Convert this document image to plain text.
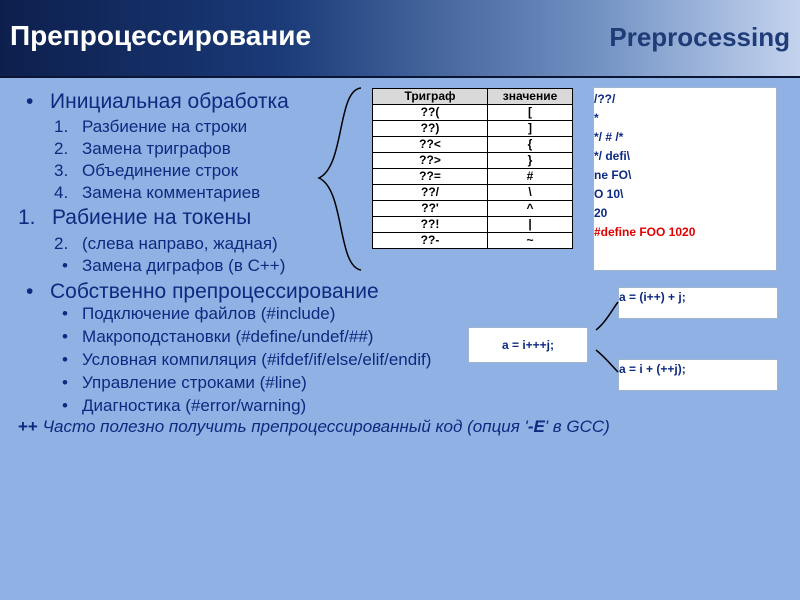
Препроцессирование	Preprocessing
• Инициальная обработка
1. Разбиение на строки
2. Замена триграфов
3. Объединение строк
4. Замена комментариев
1. Рабиение на токены
2. (слева направо, жадная)
• Замена диграфов (в C++)
• Собственно препроцессирование
• Подключение файлов (#include)
• Макроподстановки (#define/undef/##)
• Условная компиляция (#ifdef/if/else/elif/endif)
• Управление строками (#line)
• Диагностика (#error/warning)
++ Часто полезно получить препроцессированный код (опция '-E' в GCC)
Триграф	значение
??(	[
??)	]
??<	{
??>	}
??=	#
??/	\
??'	^
??!	|
??-	~
/??/
*
*/ # /*
*/ defi\
ne FO\
O 10\
20
#define FOO 1020
a = i+++j;
a = (i++) + j;
a = i + (++j);
